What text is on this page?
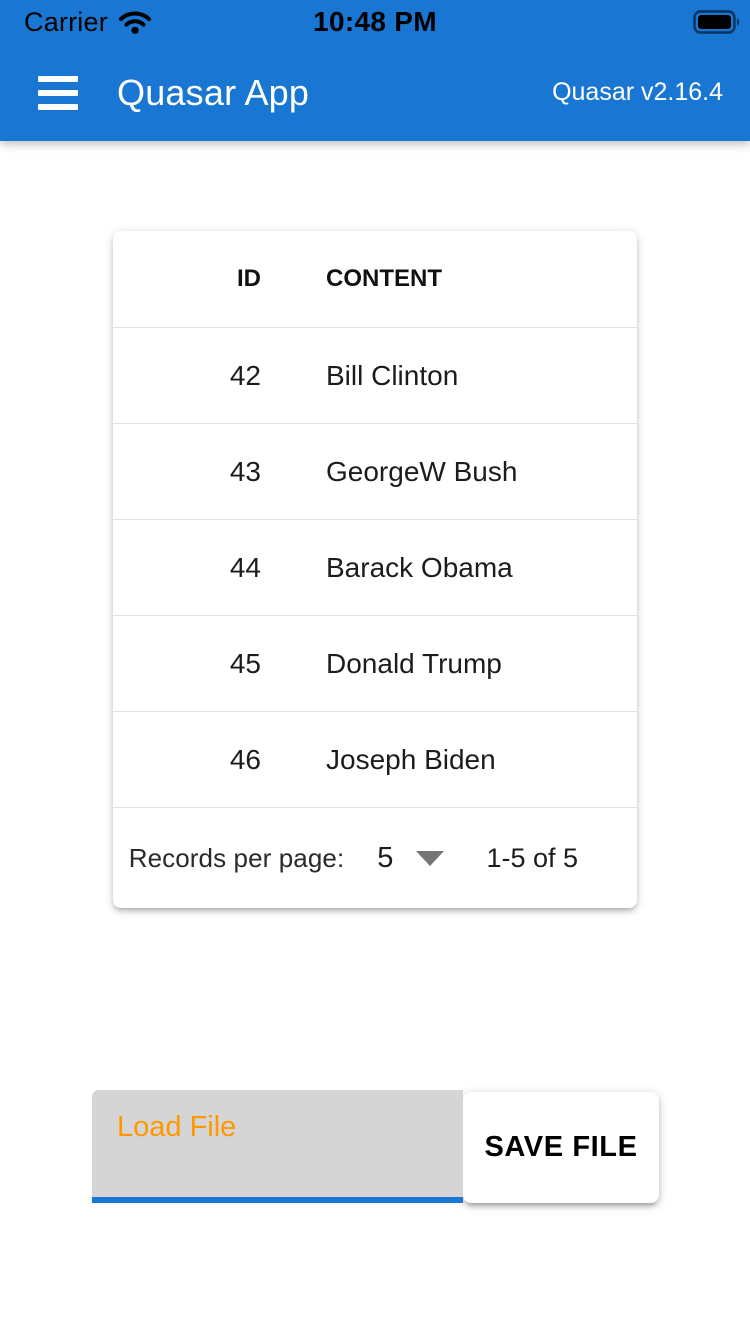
Carrier	10:48 PM
Quasar App	Quasar v2.16.4
ID	CONTENT
42	Bill Clinton
43	GeorgeW Bush
44	Barack Obama
45	Donald Trump
46	Joseph Biden
Records per page: 5	1-5 of 5
Load File
SAVE FILE
